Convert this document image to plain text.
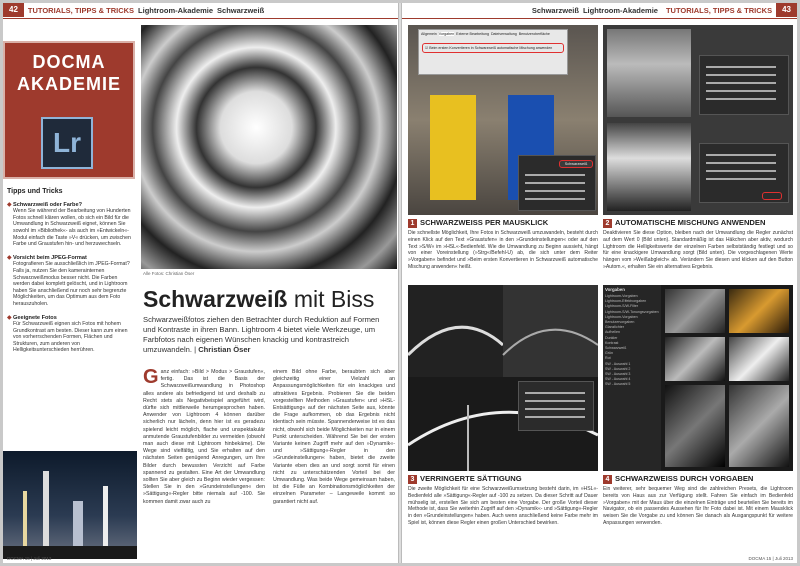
42	TUTORIALS, TIPPS & TRICKS Lightroom-Akademie Schwarzweiß
DOCMA
AKADEMIE
Lr
Tipps und Tricks
◆ Schwarzweiß oder Farbe?
Wenn Sie während der Bearbeitung von Hunderten Fotos schnell klären wollen, ob sich ein Bild für die Umwandlung in Schwarzweiß eignet, können Sie sowohl im »Bibliothek«- als auch im »Entwickeln«-Modul einfach die Taste »V« drücken, um zwischen Farbe und Graustufen hin- und herzuwechseln.
◆ Vorsicht beim JPEG-Format
Fotografieren Sie ausschließlich im JPEG-Format? Falls ja, nutzen Sie den kamerainternen Schwarzweißmodus besser nicht. Die Farben werden dabei komplett gelöscht, und in Lightroom haben Sie anschließend nur noch sehr begrenzte Möglichkeiten, um das Optimum aus dem Foto herauszuholen.
◆ Geeignete Fotos
Für Schwarzweiß eignen sich Fotos mit hohem Grundkontrast am besten. Dieser kann zum einen von vorherrschenden Formen, Flächen und Strukturen, zum anderen von Helligkeitsunterschieden herrühren.
Alle Fotos: Christian Öser
Schwarzweiß mit Biss
Schwarzweißfotos ziehen den Betrachter durch Reduktion auf Formen und Kontraste in ihren Bann. Lightroom 4 bietet viele Werkzeuge, um Farbfotos nach eigenen Wünschen knackig und kontrastreich umzuwandeln. | Christian Öser
G anz einfach: »Bild > Modus > Graustufen«, fertig. Das ist die Basis der Schwarzweißumwandlung in Photoshop alles andere als befriedigend ist und deshalb zu Recht stets als Negativbeispiel angeführt wird, dürfte sich mittlerweile herumgesprochen haben. Anwender von Lightroom 4 können darüber sicherlich nur lächeln, denn hier ist es geradezu spielend leicht möglich, flache und unspektakulär anmutende Graustufenbilder zu vermeiden (obwohl man auch diese mit Lightroom hinbekäme). Die Wege sind vielfältig, und Sie erhalten auf den nächsten Seiten genügend Anregungen, um Ihre Bilder durch bewussten Verzicht auf Farbe spannend zu gestalten. Eine Art der Umwandlung sollten Sie aber gleich zu Beginn wieder vergessen: Stellen Sie in den »Grundeinstellungen« den »Sättigung«-Regler bitte niemals auf -100. Sie kommen damit zwar auch zu
einem Bild ohne Farbe, beraubten sich aber gleichzeitig einer Vielzahl an Anpassungsmöglichkeiten für ein knackiges und attraktives Ergebnis. Probieren Sie die beiden vorgestellten Methoden »Graustufen« und »HSL-Entsättigung« auf der nächsten Seite aus, könnte die Frage aufkommen, ob das Ergebnis nicht identisch sein müsste. Spannenderweise ist es das nicht, obwohl sich beide Möglichkeiten nur in einem Punkt unterscheiden. Während Sie bei der ersten Variante keinen Zugriff mehr auf den »Dynamik«- und »Sättigung«-Regler in den »Grundeinstellungen« haben, bietet die zweite Variante eben dies an und sorgt somit für einen nicht zu unterschätzenden Vorteil bei der Umwandlung. Was beide Wege gemeinsam haben, ist die Fülle an Kombinationsmöglichkeiten der einzelnen Parameter – Langeweile kommt so garantiert nicht auf.
DOCMA 15 | Juli 2013
Schwarzweiß Lightroom-Akademie TUTORIALS, TIPPS & TRICKS	43
Allgemein Vorgaben Externe Bearbeitung Dateiverwaltung Benutzeroberfläche
☑ Beim ersten Konvertieren in Schwarzweiß automatische Mischung anwenden
Schwarzweiß
1 SCHWARZWEISS PER MAUSKLICK
Die schnellste Möglichkeit, Ihre Fotos in Schwarzweiß umzuwandeln, besteht durch einen Klick auf den Text »Graustufen« in den »Grundeinstellungen« oder auf den Text »S/W« im »HSL«-Bedienfeld. Wie die Umwandlung zu Beginn aussieht, hängt von einer Voreinstellung (»Strg«/Befehl-U) ab, die sich unter dem Reiter »Vorgaben« befindet und »Beim ersten Konvertieren in Schwarzweiß automatische Mischung anwenden« heißt.
2 AUTOMATISCHE MISCHUNG ANWENDEN
Deaktivieren Sie diese Option, bleiben nach der Umwandlung die Regler zunächst auf dem Wert 0 (Bild unten). Standardmäßig ist das Häkchen aber aktiv, wodurch Lightroom die Helligkeitswerte der einzelnen Farben selbstständig festlegt und so für eine knackigere Umwandlung sorgt (Bild unten). Die vorgeschlagenen Werte hängen vom »Weißabgleich« ab. Verändern Sie diesen und klicken auf den Button »Autom.«, erhalten Sie ein alternatives Ergebnis.
Vorgaben
Lightroom-Vorgaben
Lightroom-Effektvorgaben
Lightroom-S/W-Filter
Lightroom-S/W-Tonungsvorgaben
Lightroom-Vorgaben
Benutzervorgaben
Glanzlichter
Aufhellen
Dunkler
Kontrast
Schwarzweiß
Grün
Rot
SW - Auswahl 1
SW - Auswahl 2
SW - Auswahl 3
SW - Auswahl 4
SW - Auswahl 5
3 VERRINGERTE SÄTTIGUNG
Die zweite Möglichkeit für eine Schwarzweißumsetzung besteht darin, im »HSL«-Bedienfeld alle »Sättigung«-Regler auf -100 zu setzen. Da dieser Schritt auf Dauer mühselig ist, erstellen Sie sich am besten eine Vorgabe. Der große Vorteil dieser Methode ist, dass Sie weiterhin Zugriff auf den »Dynamik«- und »Sättigung«-Regler in den »Grundeinstellungen« haben. Auch wenn anschließend keine Farbe mehr im Spiel ist, können diese Regler einen großen Unterschied bewirken.
4 SCHWARZWEISS DURCH VORGABEN
Ein weiterer, sehr bequemer Weg sind die zahlreichen Presets, die Lightroom bereits von Haus aus zur Verfügung stellt. Fahren Sie einfach im Bedienfeld »Vorgaben« mit der Maus über die einzelnen Einträge und beurteilen Sie bereits im Navigator, ob ein passendes Aussehen für Ihr Foto dabei ist. Mit einem Mausklick weisen Sie die Vorgabe zu und können Sie danach als Ausgangspunkt für weitere Anpassungen verwenden.
DOCMA 15 | Juli 2013
